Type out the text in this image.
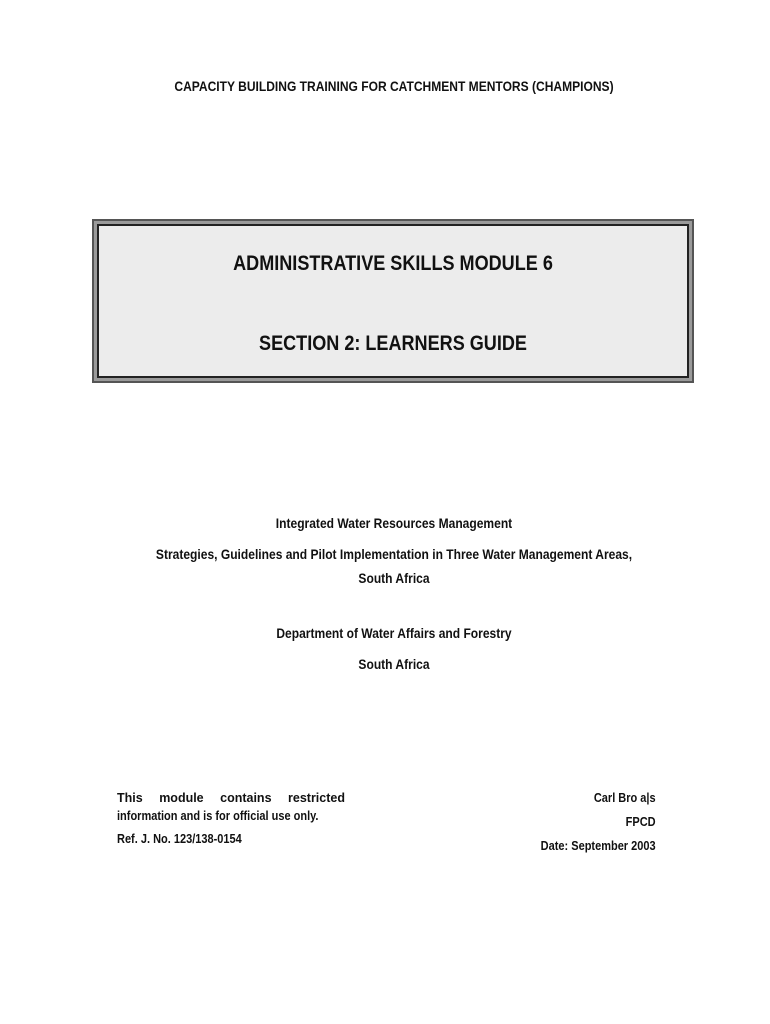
CAPACITY BUILDING TRAINING FOR CATCHMENT MENTORS (CHAMPIONS)
ADMINISTRATIVE SKILLS MODULE 6
SECTION 2: LEARNERS GUIDE
Integrated Water Resources Management
Strategies, Guidelines and Pilot Implementation in Three Water Management Areas,
South Africa
Department of Water Affairs and Forestry
South Africa
This module contains restricted
information and is for official use only.
Ref. J. No. 123/138-0154
Carl Bro a|s
FPCD
Date: September 2003
